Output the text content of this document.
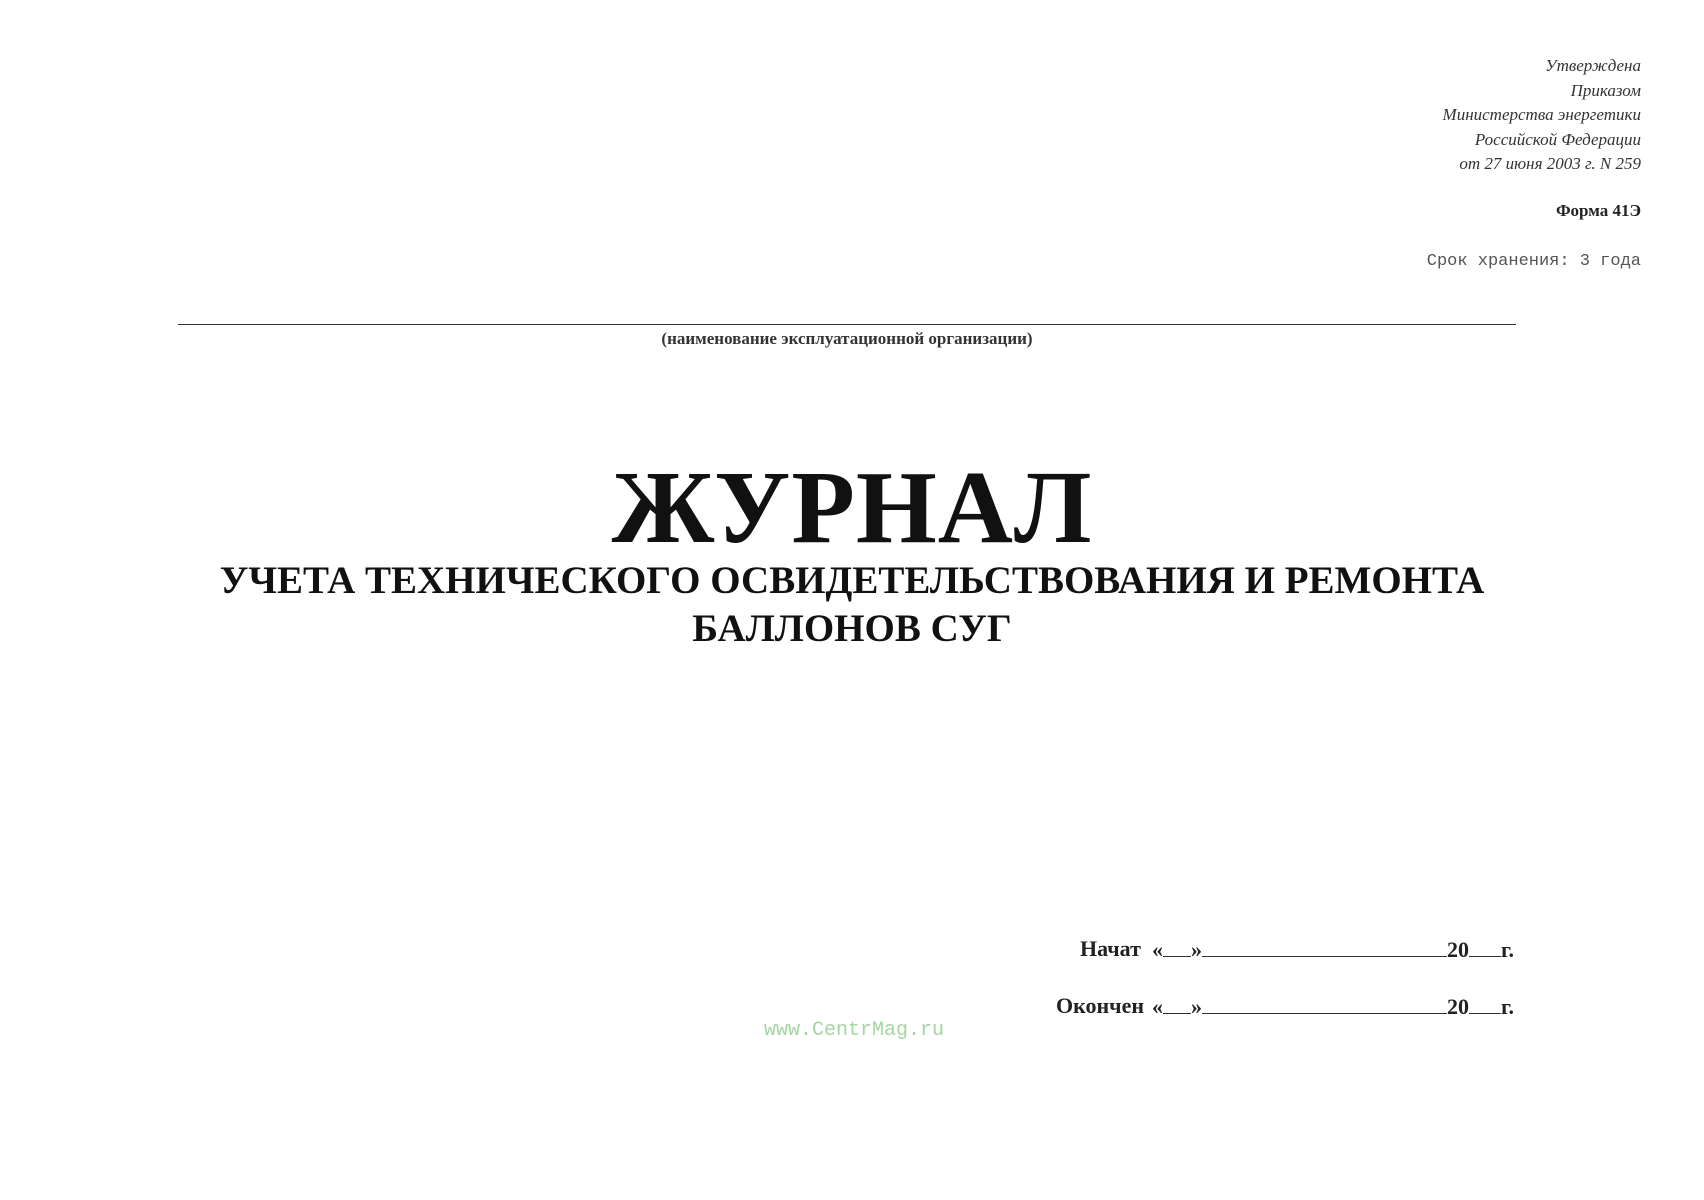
Утверждена
Приказом
Министерства энергетики
Российской Федерации
от 27 июня 2003 г. N 259
Форма 41Э
Срок хранения: 3 года
(наименование эксплуатационной организации)
ЖУРНАЛ
УЧЕТА ТЕХНИЧЕСКОГО ОСВИДЕТЕЛЬСТВОВАНИЯ И РЕМОНТА
БАЛЛОНОВ СУГ
Начат « »	20 г.
Окончен « »	20 г.
www.CentrMag.ru
